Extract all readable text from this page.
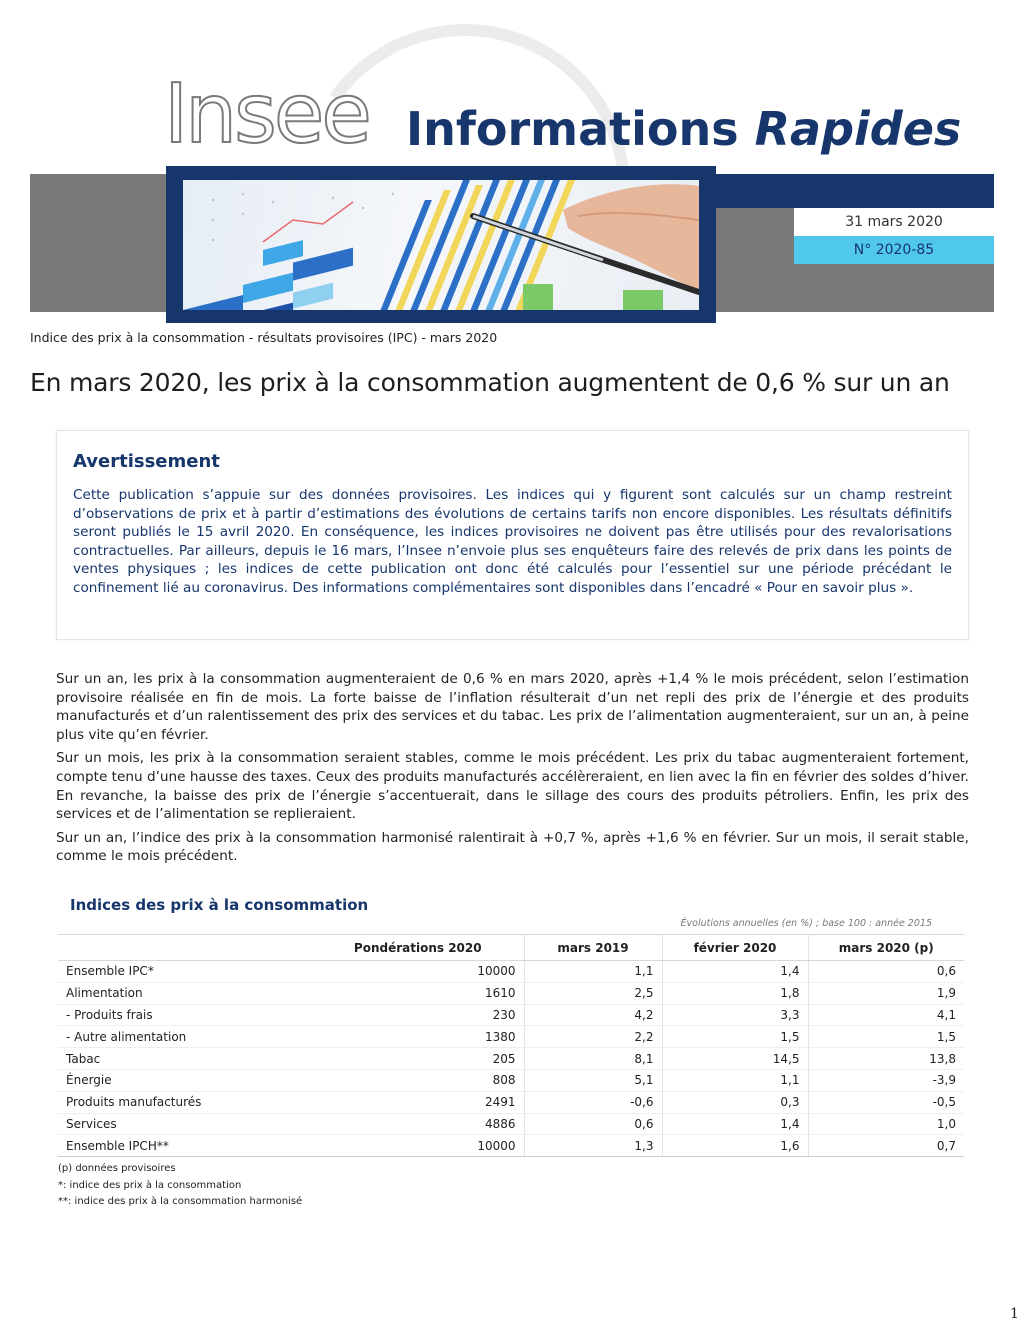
Insee Informations Rapides
31 mars 2020
N° 2020-85
Indice des prix à la consommation - résultats provisoires (IPC) - mars 2020
En mars 2020, les prix à la consommation augmentent de 0,6 % sur un an
Avertissement

Cette publication s’appuie sur des données provisoires. Les indices qui y figurent sont calculés sur un champ restreint d’observations de prix et à partir d’estimations des évolutions de certains tarifs non encore disponibles. Les résultats définitifs seront publiés le 15 avril 2020. En conséquence, les indices provisoires ne doivent pas être utilisés pour des revalorisations contractuelles. Par ailleurs, depuis le 16 mars, l’Insee n’envoie plus ses enquêteurs faire des relevés de prix dans les points de ventes physiques ; les indices de cette publication ont donc été calculés pour l’essentiel sur une période précédant le confinement lié au coronavirus. Des informations complémentaires sont disponibles dans l’encadré « Pour en savoir plus ».

Sur un an, les prix à la consommation augmenteraient de 0,6 % en mars 2020, après +1,4 % le mois précédent, selon l’estimation provisoire réalisée en fin de mois. La forte baisse de l’inflation résulterait d’un net repli des prix de l’énergie et des produits manufacturés et d’un ralentissement des prix des services et du tabac. Les prix de l’alimentation augmenteraient, sur un an, à peine plus vite qu’en février.

Sur un mois, les prix à la consommation seraient stables, comme le mois précédent. Les prix du tabac augmenteraient fortement, compte tenu d’une hausse des taxes. Ceux des produits manufacturés accélèreraient, en lien avec la fin en février des soldes d’hiver. En revanche, la baisse des prix de l’énergie s’accentuerait, dans le sillage des cours des produits pétroliers. Enfin, les prix des services et de l’alimentation se replieraient.

Sur un an, l’indice des prix à la consommation harmonisé ralentirait à +0,7 %, après +1,6 % en février. Sur un mois, il serait stable, comme le mois précédent.

Indices des prix à la consommation
Évolutions annuelles (en %) ; base 100 : année 2015
	Pondérations 2020	mars 2019	février 2020	mars 2020 (p)
Ensemble IPC*	10000	1,1	1,4	0,6
Alimentation	1610	2,5	1,8	1,9
- Produits frais	230	4,2	3,3	4,1
- Autre alimentation	1380	2,2	1,5	1,5
Tabac	205	8,1	14,5	13,8
Énergie	808	5,1	1,1	-3,9
Produits manufacturés	2491	-0,6	0,3	-0,5
Services	4886	0,6	1,4	1,0
Ensemble IPCH**	10000	1,3	1,6	0,7
(p) données provisoires
*: indice des prix à la consommation
**: indice des prix à la consommation harmonisé
1
